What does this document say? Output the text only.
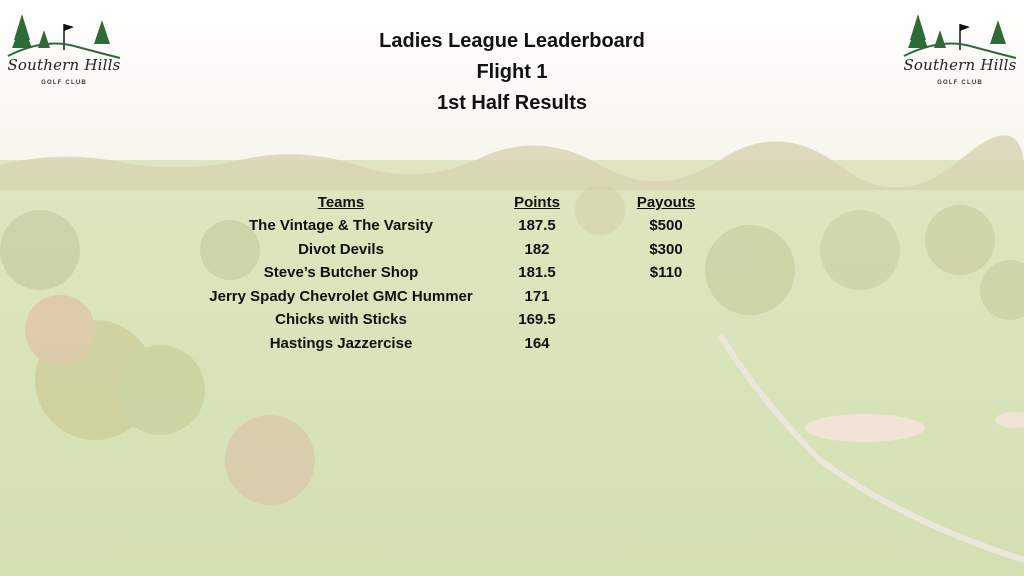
Southern Hills
GOLF CLUB
Southern Hills
GOLF CLUB
Ladies League Leaderboard
Flight 1
1st Half Results
Teams	Points	Payouts
The Vintage & The Varsity	187.5	$500
Divot Devils	182	$300
Steve’s Butcher Shop	181.5	$110
Jerry Spady Chevrolet GMC Hummer	171
Chicks with Sticks	169.5
Hastings Jazzercise	164
